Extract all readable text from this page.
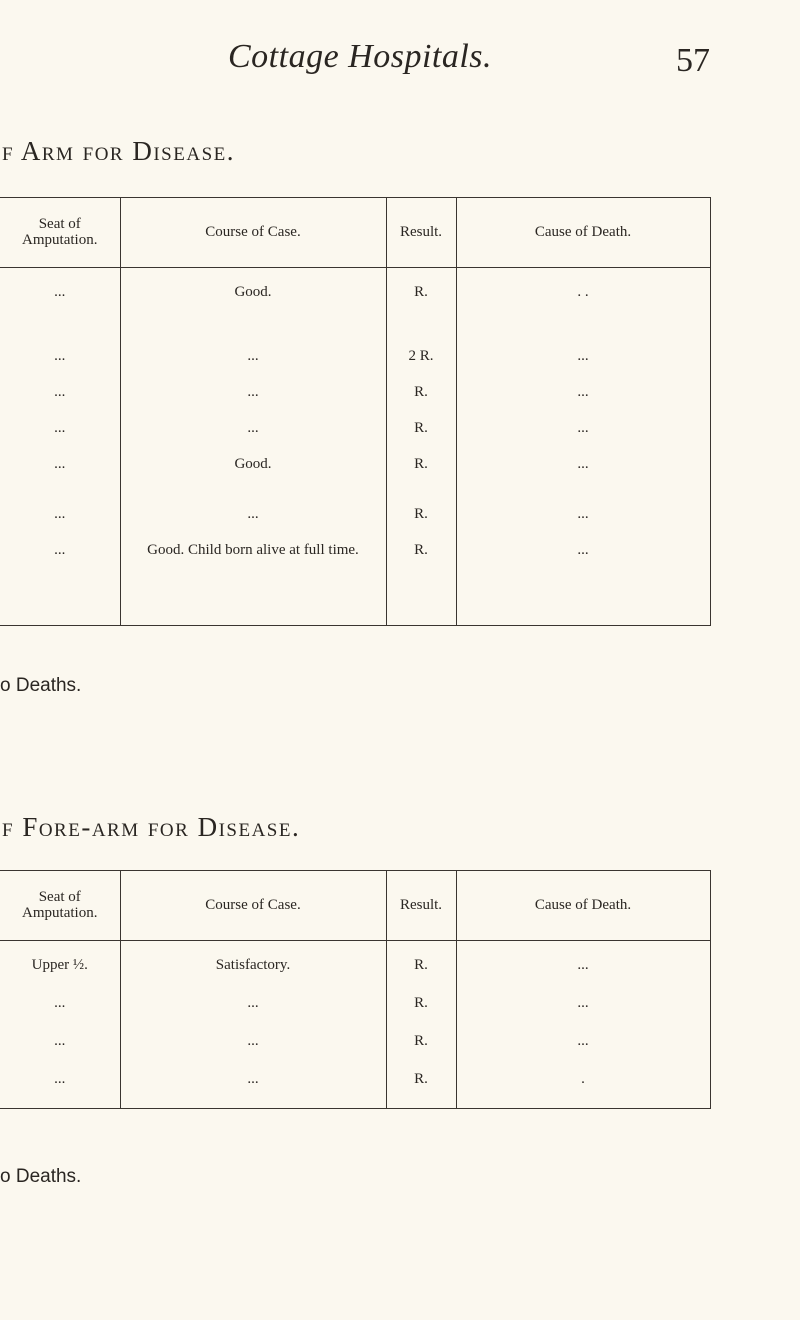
Cottage Hospitals.	57
f Arm for Disease.
Seat of Amputation.	Course of Case.	Result.	Cause of Death.
...	Good.	R.	. .
...	...	2 R.	...
...	...	R.	...
...	...	R.	...
...	Good.	R.	...
...	...	R.	...
...	Good. Child born alive at full time.	R.	...
o Deaths.
f Fore-arm for Disease.
Seat of Amputation.	Course of Case.	Result.	Cause of Death.
Upper ½.	Satisfactory.	R.	...
...	...	R.	...
...	...	R.	...
...	...	R.	.
o Deaths.
